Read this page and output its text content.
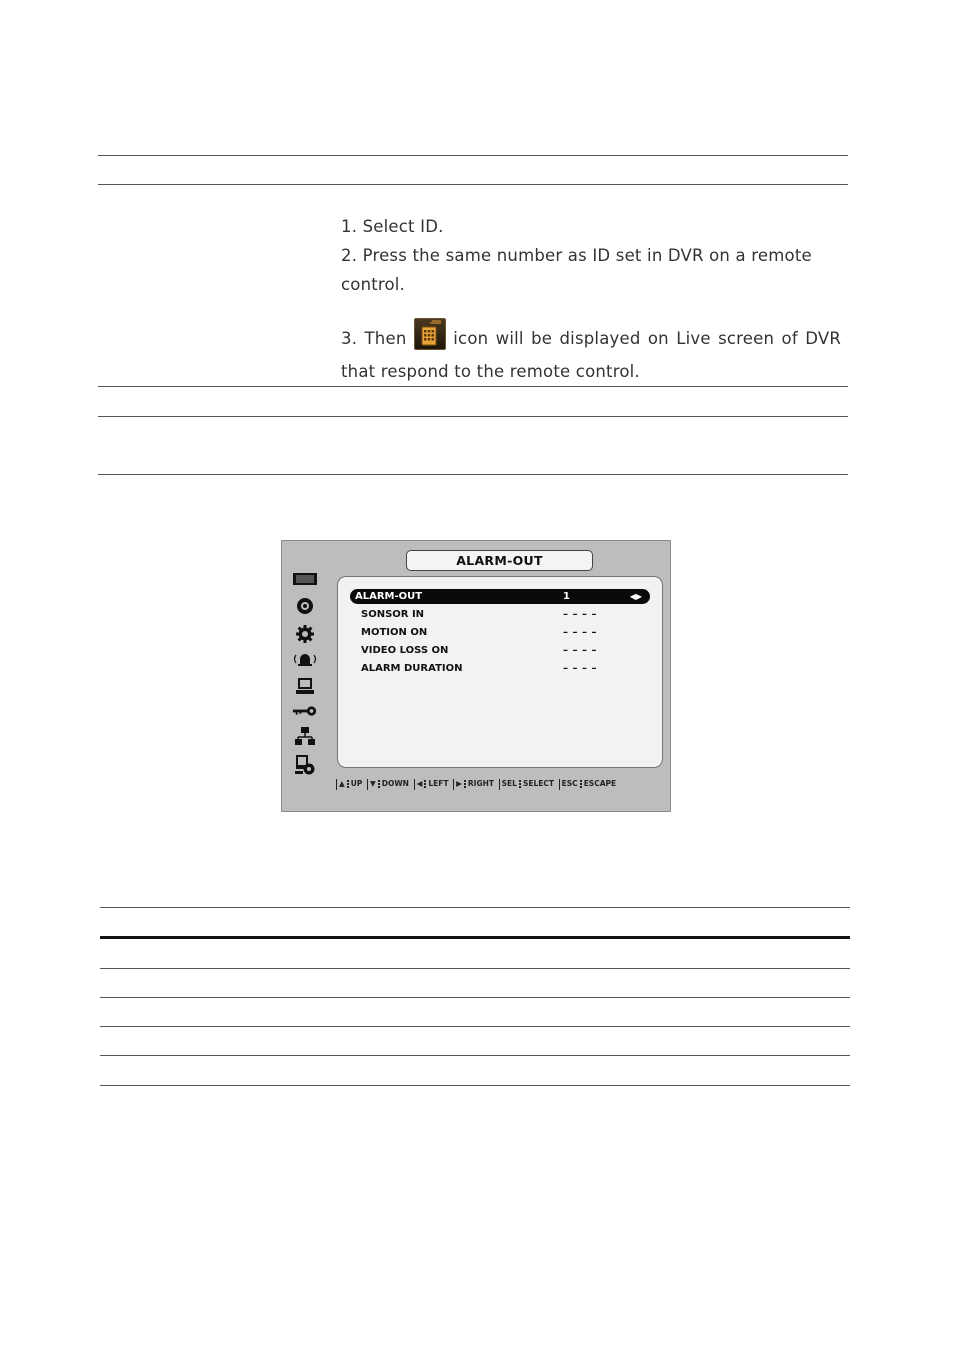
1. Select ID.
2. Press the same number as ID set in DVR on a remote
control.
3. Then	icon will be displayed on Live screen of DVR
that respond to the remote control.
ALARM-OUT
ALARM-OUT	1	◀▶
SONSOR IN	– – – –
MOTION ON	– – – –
VIDEO LOSS ON	– – – –
ALARM DURATION	– – – –
▲ UP ▼ DOWN ◀ LEFT ▶ RIGHT SEL SELECT ESC ESCAPE
